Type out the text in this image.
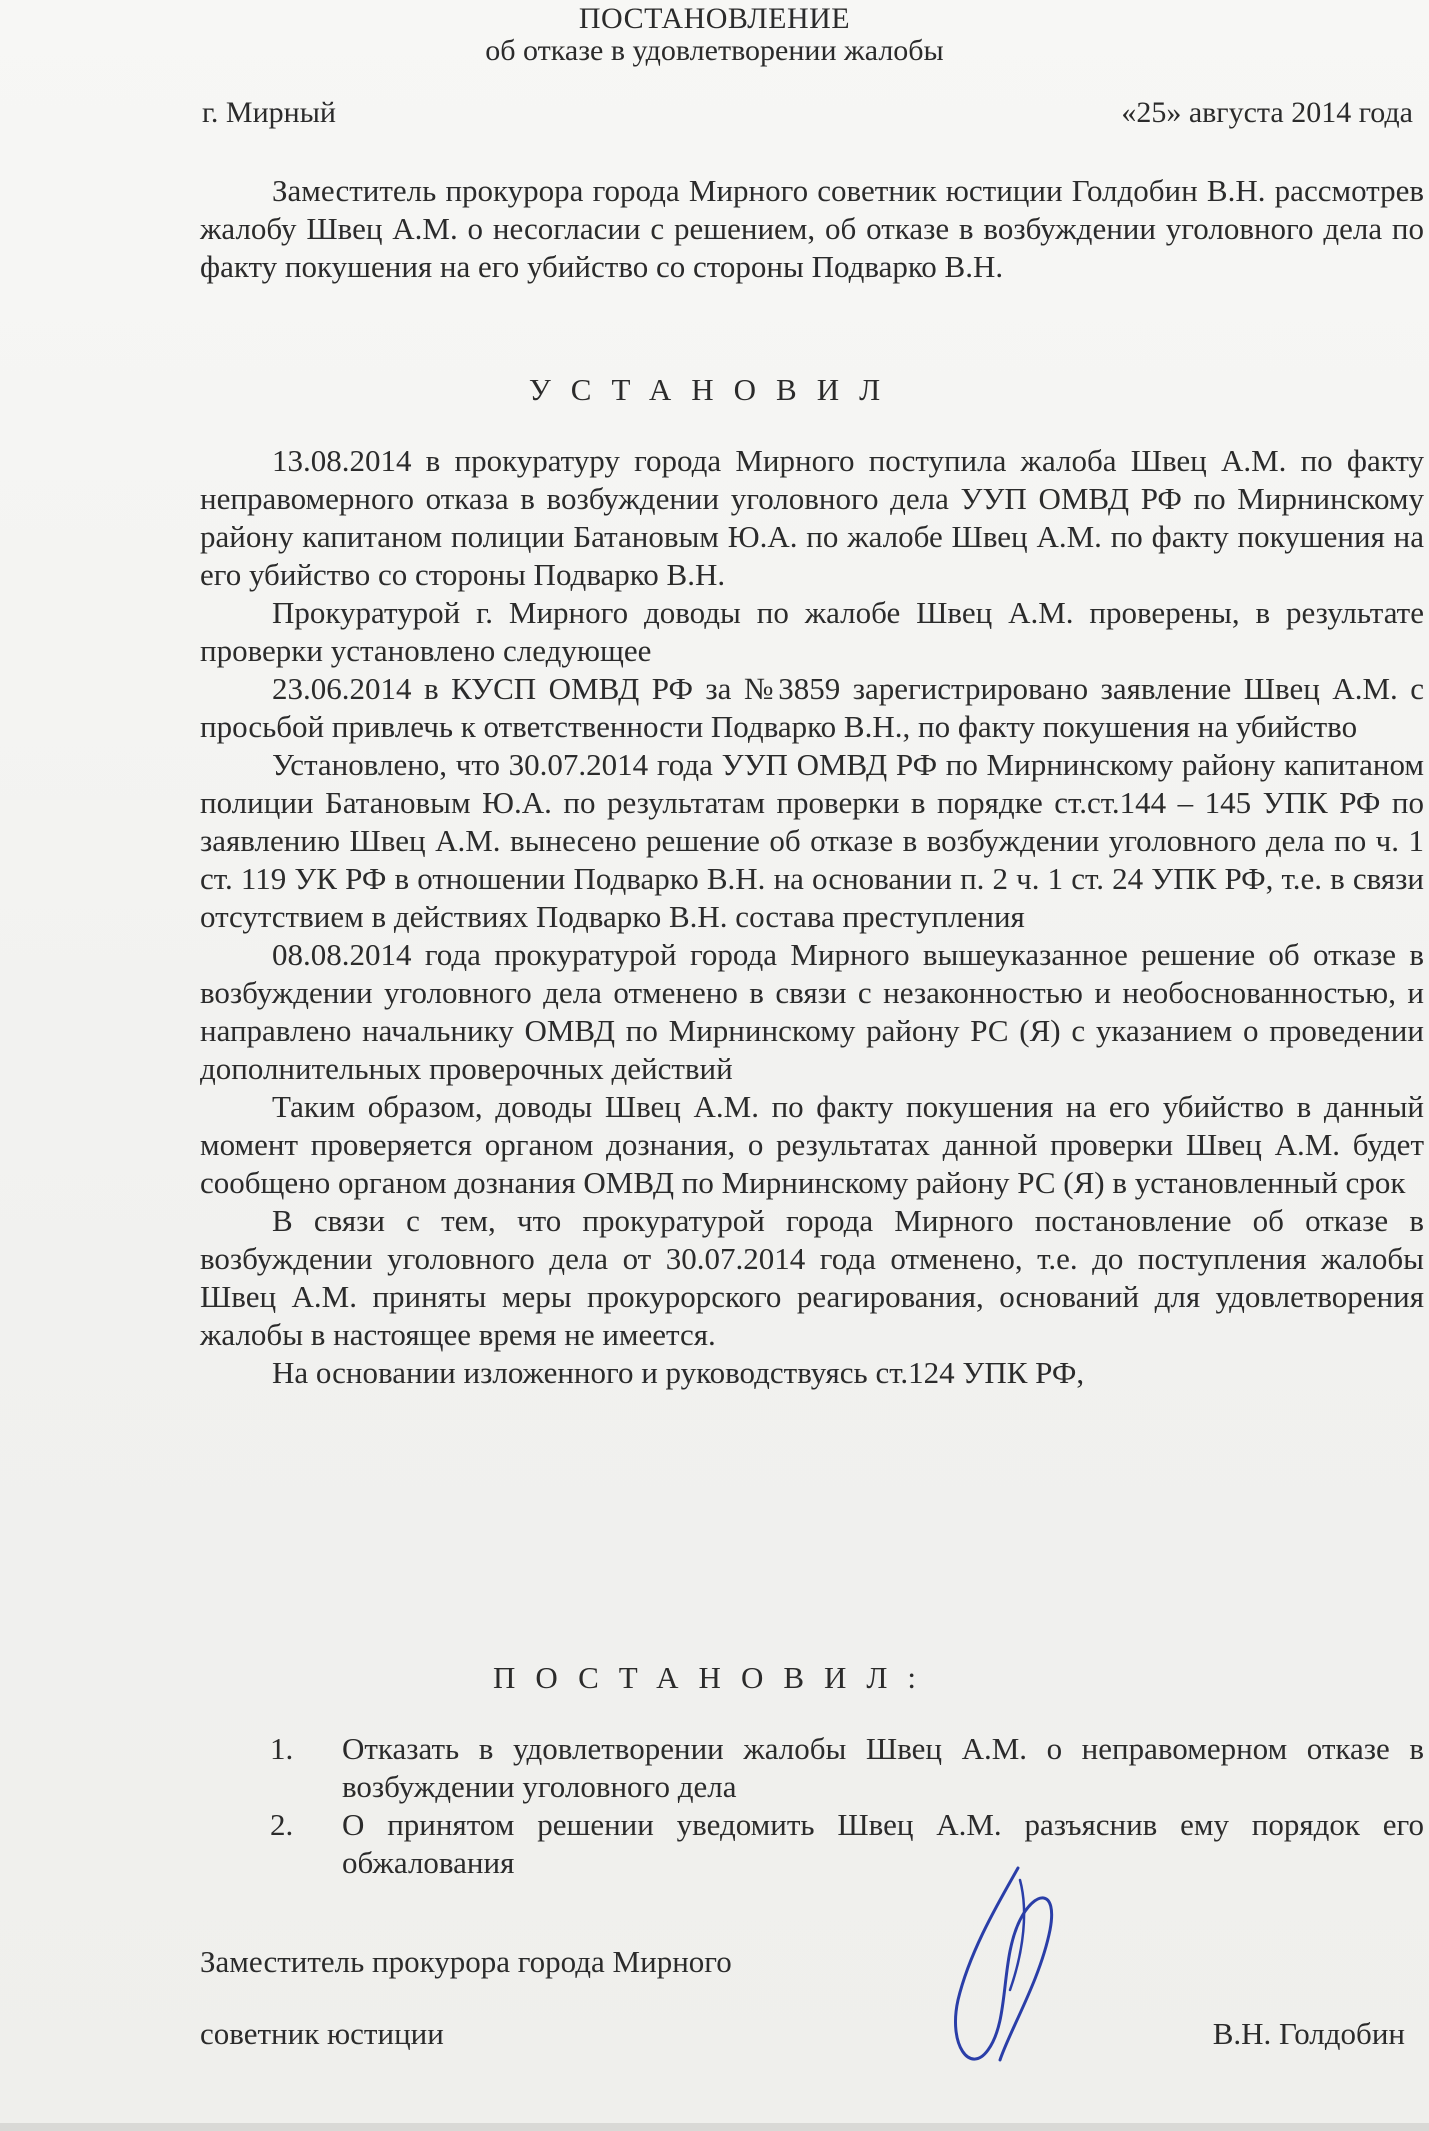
ПОСТАНОВЛЕНИЕ
об отказе в удовлетворении жалобы
г. Мирный	«25» августа 2014 года

Заместитель прокурора города Мирного советник юстиции Голдобин В.Н. рассмотрев жалобу Швец А.М. о несогласии с решением, об отказе в возбуждении уголовного дела по факту покушения на его убийство со стороны Подварко В.Н.

УСТАНОВИЛ

13.08.2014 в прокуратуру города Мирного поступила жалоба Швец А.М. по факту неправомерного отказа в возбуждении уголовного дела УУП ОМВД РФ по Мирнинскому району капитаном полиции Батановым Ю.А. по жалобе Швец А.М. по факту покушения на его убийство со стороны Подварко В.Н.

Прокуратурой г. Мирного доводы по жалобе Швец А.М. проверены, в результате проверки установлено следующее

23.06.2014 в КУСП ОМВД РФ за №3859 зарегистрировано заявление Швец А.М. с просьбой привлечь к ответственности Подварко В.Н., по факту покушения на убийство

Установлено, что 30.07.2014 года УУП ОМВД РФ по Мирнинскому району капитаном полиции Батановым Ю.А. по результатам проверки в порядке ст.ст.144 – 145 УПК РФ по заявлению Швец А.М. вынесено решение об отказе в возбуждении уголовного дела по ч. 1 ст. 119 УК РФ в отношении Подварко В.Н. на основании п. 2 ч. 1 ст. 24 УПК РФ, т.е. в связи отсутствием в действиях Подварко В.Н. состава преступления

08.08.2014 года прокуратурой города Мирного вышеуказанное решение об отказе в возбуждении уголовного дела отменено в связи с незаконностью и необоснованностью, и направлено начальнику ОМВД по Мирнинскому району РС (Я) с указанием о проведении дополнительных проверочных действий

Таким образом, доводы Швец А.М. по факту покушения на его убийство в данный момент проверяется органом дознания, о результатах данной проверки Швец А.М. будет сообщено органом дознания ОМВД по Мирнинскому району РС (Я) в установленный срок

В связи с тем, что прокуратурой города Мирного постановление об отказе в возбуждении уголовного дела от 30.07.2014 года отменено, т.е. до поступления жалобы Швец А.М. приняты меры прокурорского реагирования, оснований для удовлетворения жалобы в настоящее время не имеется.

На основании изложенного и руководствуясь ст.124 УПК РФ,

ПОСТАНОВИЛ:
1.	Отказать в удовлетворении жалобы Швец А.М. о неправомерном отказе в возбуждении уголовного дела
2.	О принятом решении уведомить Швец А.М. разъяснив ему порядок его обжалования
Заместитель прокурора города Мирного
советник юстиции	В.Н. Голдобин
